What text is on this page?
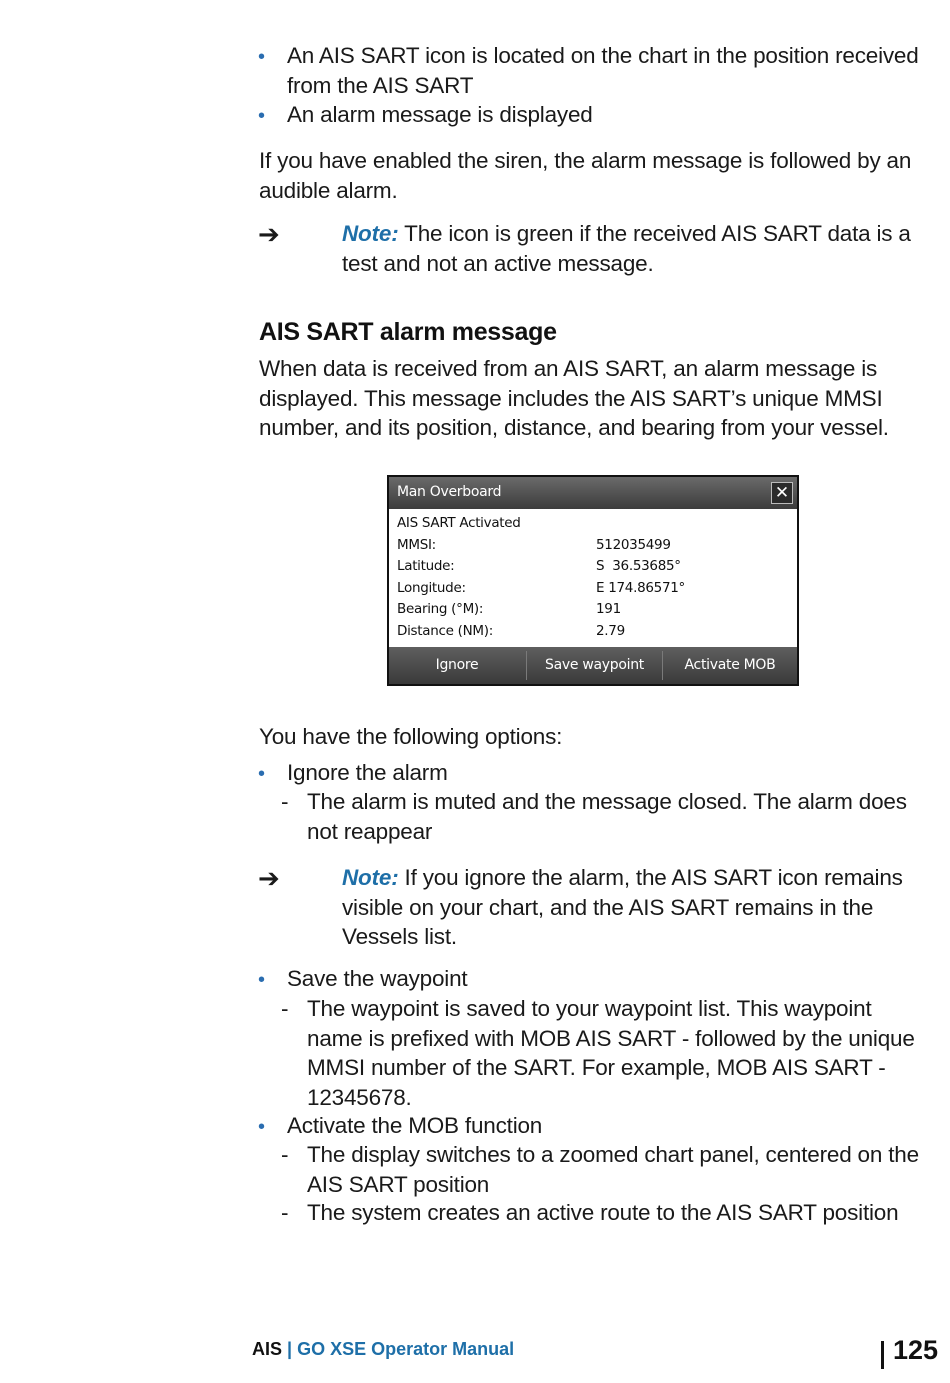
• An AIS SART icon is located on the chart in the position received
from the AIS SART
• An alarm message is displayed
If you have enabled the siren, the alarm message is followed by an
audible alarm.
➔	Note: The icon is green if the received AIS SART data is a
test and not an active message.
AIS SART alarm message
When data is received from an AIS SART, an alarm message is
displayed. This message includes the AIS SART’s unique MMSI
number, and its position, distance, and bearing from your vessel.
Man Overboard	✕
AIS SART Activated
MMSI:	512035499
Latitude:	S  36.53685°
Longitude:	E 174.86571°
Bearing (°M):	191
Distance (NM):	2.79
Ignore	Save waypoint	Activate MOB
You have the following options:
• Ignore the alarm
- The alarm is muted and the message closed. The alarm does
not reappear
➔	Note: If you ignore the alarm, the AIS SART icon remains
visible on your chart, and the AIS SART remains in the
Vessels list.
• Save the waypoint
- The waypoint is saved to your waypoint list. This waypoint
name is prefixed with MOB AIS SART - followed by the unique
MMSI number of the SART. For example, MOB AIS SART -
12345678.
• Activate the MOB function
- The display switches to a zoomed chart panel, centered on the
AIS SART position
- The system creates an active route to the AIS SART position
AIS | GO XSE Operator Manual	125
